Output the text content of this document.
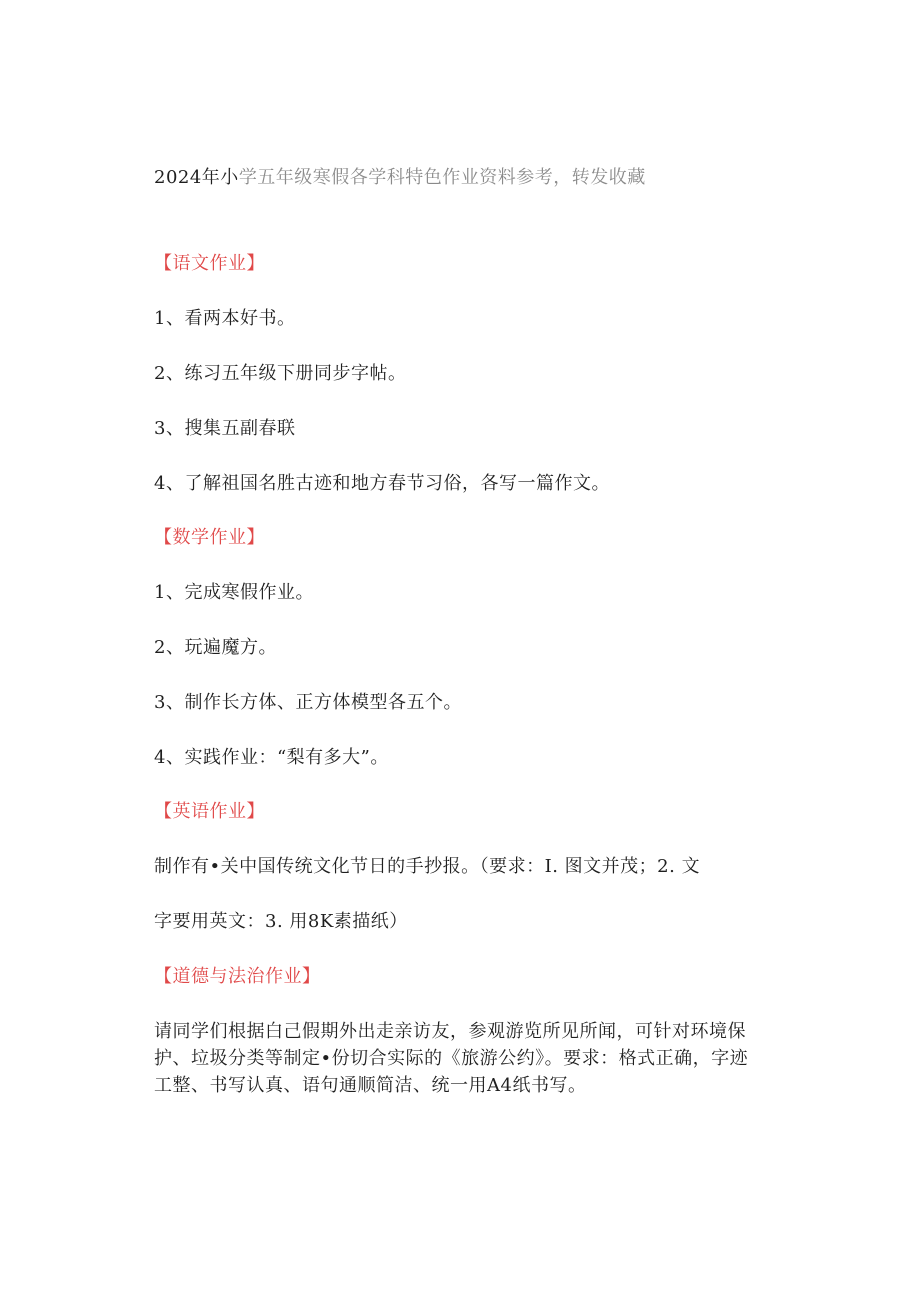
2024年小学五年级寒假各学科特色作业资料参考，转发收藏
【语文作业】
1、看两本好书。
2、练习五年级下册同步字帖。
3、搜集五副春联
4、了解祖国名胜古迹和地方春节习俗，各写一篇作文。
【数学作业】
1、完成寒假作业。
2、玩遍魔方。
3、制作长方体、正方体模型各五个。
4、实践作业：“梨有多大”。
【英语作业】
制作有•关中国传统文化节日的手抄报。（要求：I. 图文并茂；2. 文
字要用英文：3. 用8K素描纸）
【道德与法治作业】
请同学们根据白己假期外出走亲访友，参观游览所见所闻，可针对环境保护、垃圾分类等制定•份切合实际的《旅游公约》。要求：格式正确，字迹工整、书写认真、语句通顺简洁、统一用A4纸书写。
